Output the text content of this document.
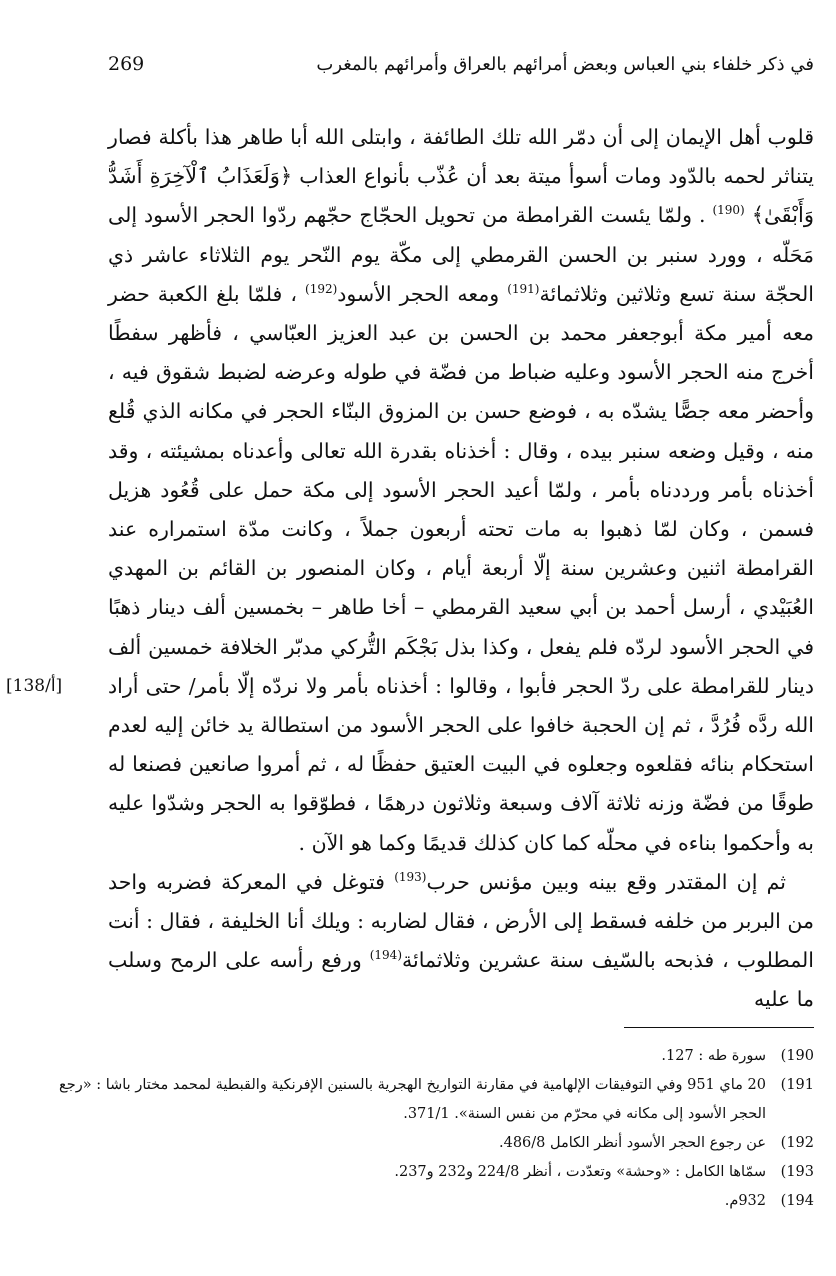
269	في ذكر خلفاء بني العباس وبعض أمرائهم بالعراق وأمرائهم بالمغرب
[138/أ]

قلوب أهل الإيمان إلى أن دمّر الله تلك الطائفة ، وابتلى الله أبا طاهر هذا بأكلة فصار يتناثر لحمه بالدّود ومات أسوأ ميتة بعد أن عُذّب بأنواع العذاب ﴿وَلَعَذَابُ ٱلْآخِرَةِ أَشَدُّ وَأَبْقَىٰ﴾ $^{(190)}$ . ولمّا يئست القرامطة من تحويل الحجّاج حجّهم ردّوا الحجر الأسود إلى مَحَلّه ، وورد سنبر بن الحسن القرمطي إلى مكّة يوم النّحر يوم الثلاثاء عاشر ذي الحجّة سنة تسع وثلاثين وثلاثمائة$^{(191)}$ ومعه الحجر الأسود$^{(192)}$ ، فلمّا بلغ الكعبة حضر معه أمير مكة أبوجعفر محمد بن الحسن بن عبد العزيز العبّاسي ، فأظهر سفطًا أخرج منه الحجر الأسود وعليه ضباط من فضّة في طوله وعرضه لضبط شقوق فيه ، وأحضر معه جصًّا يشدّه به ، فوضع حسن بن المزوق البنّاء الحجر في مكانه الذي قُلع منه ، وقيل وضعه سنبر بيده ، وقال : أخذناه بقدرة الله تعالى وأعدناه بمشيئته ، وقد أخذناه بأمر ورددناه بأمر ، ولمّا أعيد الحجر الأسود إلى مكة حمل على قُعُود هزيل فسمن ، وكان لمّا ذهبوا به مات تحته أربعون جملاً ، وكانت مدّة استمراره عند القرامطة اثنين وعشرين سنة إلّا أربعة أيام ، وكان المنصور بن القائم بن المهدي العُبَيْدي ، أرسل أحمد بن أبي سعيد القرمطي – أخا طاهر – بخمسين ألف دينار ذهبًا في الحجر الأسود لردّه فلم يفعل ، وكذا بذل بَجْكَم التُّركي مدبّر الخلافة خمسين ألف دينار للقرامطة على ردّ الحجر فأبوا ، وقالوا : أخذناه بأمر ولا نردّه إلّا بأمر/ حتى أراد الله ردَّه فُرُدَّ ، ثم إن الحجبة خافوا على الحجر الأسود من استطالة يد خائن إليه لعدم استحكام بنائه فقلعوه وجعلوه في البيت العتيق حفظًا له ، ثم أمروا صانعين فصنعا له طوقًا من فضّة وزنه ثلاثة آلاف وسبعة وثلاثون درهمًا ، فطوّقوا به الحجر وشدّوا عليه به وأحكموا بناءه في محلّه كما كان كذلك قديمًا وكما هو الآن .

ثم إن المقتدر وقع بينه وبين مؤنس حرب$^{(193)}$ فتوغل في المعركة فضربه واحد من البربر من خلفه فسقط إلى الأرض ، فقال لضاربه : ويلك أنا الخليفة ، فقال : أنت المطلوب ، فذبحه بالسّيف سنة عشرين وثلاثمائة$^{(194)}$ ورفع رأسه على الرمح وسلب ما عليه

(190
سورة طه : 127.
(191
20 ماي 951 وفي التوفيقات الإلهامية في مقارنة التواريخ الهجرية بالسنين الإفرنكية والقبطية لمحمد مختار باشا : «رجع الحجر الأسود إلى مكانه في محرّم من نفس السنة». 371/1.
(192
عن رجوع الحجر الأسود أنظر الكامل 486/8.
(193
سمّاها الكامل : «وحشة» وتعدّدت ، أنظر 224/8 و232 و237.
(194
932م.
